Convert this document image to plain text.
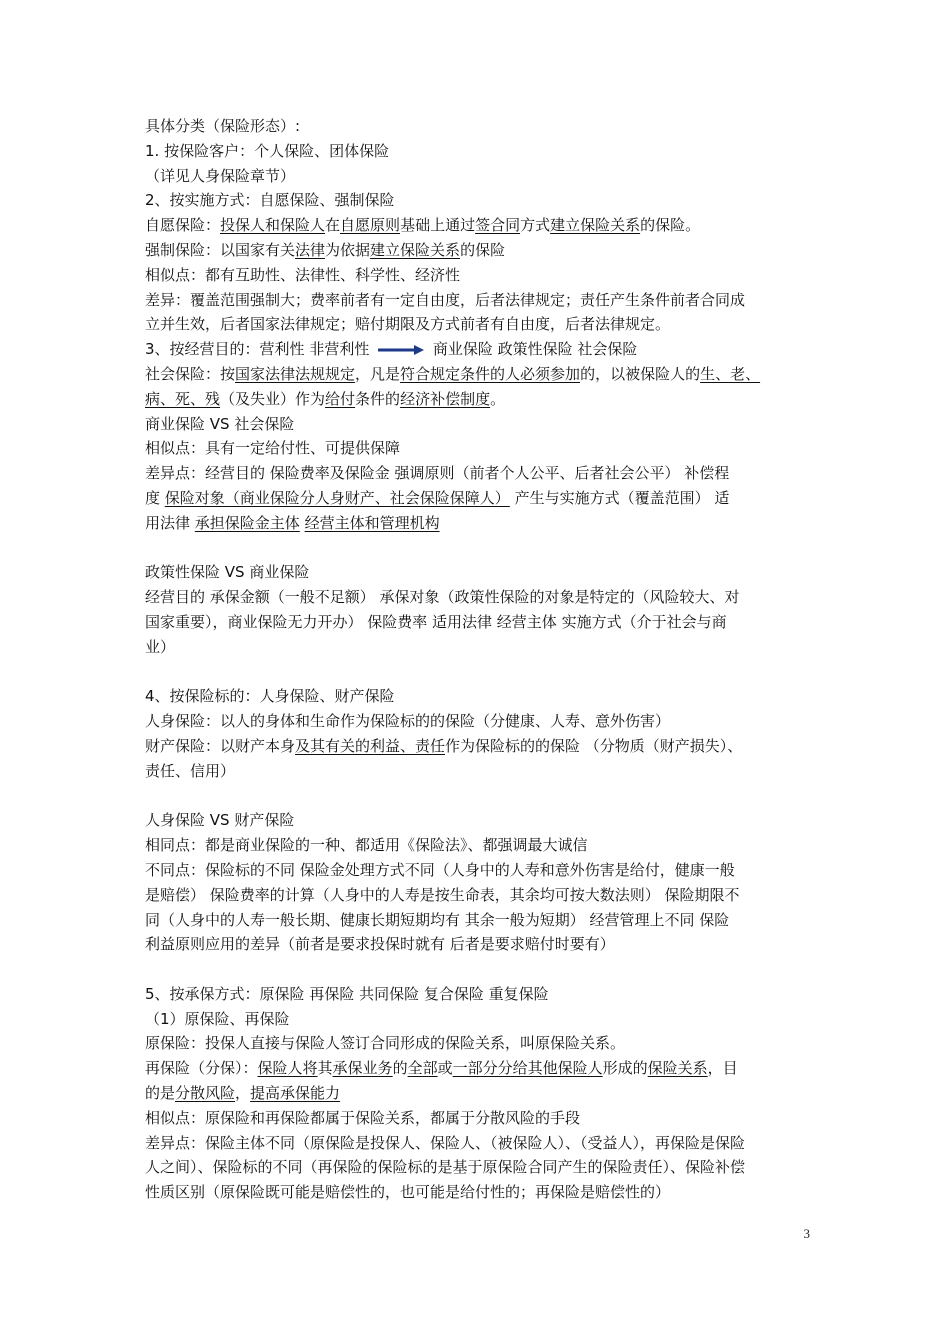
具体分类（保险形态）:
1. 按保险客户：个人保险、团体保险
（详见人身保险章节）
2、按实施方式：自愿保险、强制保险
自愿保险：投保人和保险人在自愿原则基础上通过签合同方式建立保险关系的保险。
强制保险：以国家有关法律为依据建立保险关系的保险
相似点：都有互助性、法律性、科学性、经济性
差异：覆盖范围强制大；费率前者有一定自由度，后者法律规定；责任产生条件前者合同成
立并生效，后者国家法律规定；赔付期限及方式前者有自由度，后者法律规定。
3、按经营目的：营利性 非营利性	商业保险 政策性保险 社会保险
社会保险：按国家法律法规规定，凡是符合规定条件的人必须参加的，以被保险人的生、老、
病、死、残（及失业）作为给付条件的经济补偿制度。
商业保险 VS 社会保险
相似点：具有一定给付性、可提供保障
差异点：经营目的 保险费率及保险金 强调原则（前者个人公平、后者社会公平） 补偿程
度 保险对象（商业保险分人身财产、社会保险保障人） 产生与实施方式（覆盖范围） 适
用法律 承担保险金主体 经营主体和管理机构
政策性保险 VS 商业保险
经营目的 承保金额（一般不足额） 承保对象（政策性保险的对象是特定的（风险较大、对
国家重要），商业保险无力开办） 保险费率 适用法律 经营主体 实施方式（介于社会与商
业）
4、按保险标的：人身保险、财产保险
人身保险：以人的身体和生命作为保险标的的保险（分健康、人寿、意外伤害）
财产保险：以财产本身及其有关的利益、责任作为保险标的的保险 （分物质（财产损失）、
责任、信用）
人身保险 VS 财产保险
相同点：都是商业保险的一种、都适用《保险法》、都强调最大诚信
不同点：保险标的不同 保险金处理方式不同（人身中的人寿和意外伤害是给付，健康一般
是赔偿） 保险费率的计算（人身中的人寿是按生命表，其余均可按大数法则） 保险期限不
同（人身中的人寿一般长期、健康长期短期均有 其余一般为短期） 经营管理上不同 保险
利益原则应用的差异（前者是要求投保时就有 后者是要求赔付时要有）
5、按承保方式：原保险 再保险 共同保险 复合保险 重复保险
（1）原保险、再保险
原保险：投保人直接与保险人签订合同形成的保险关系，叫原保险关系。
再保险（分保）：保险人将其承保业务的全部或一部分分给其他保险人形成的保险关系，目
的是分散风险，提高承保能力
相似点：原保险和再保险都属于保险关系，都属于分散风险的手段
差异点：保险主体不同（原保险是投保人、保险人、（被保险人）、（受益人），再保险是保险
人之间）、保险标的不同（再保险的保险标的是基于原保险合同产生的保险责任）、保险补偿
性质区别（原保险既可能是赔偿性的，也可能是给付性的；再保险是赔偿性的）
3
